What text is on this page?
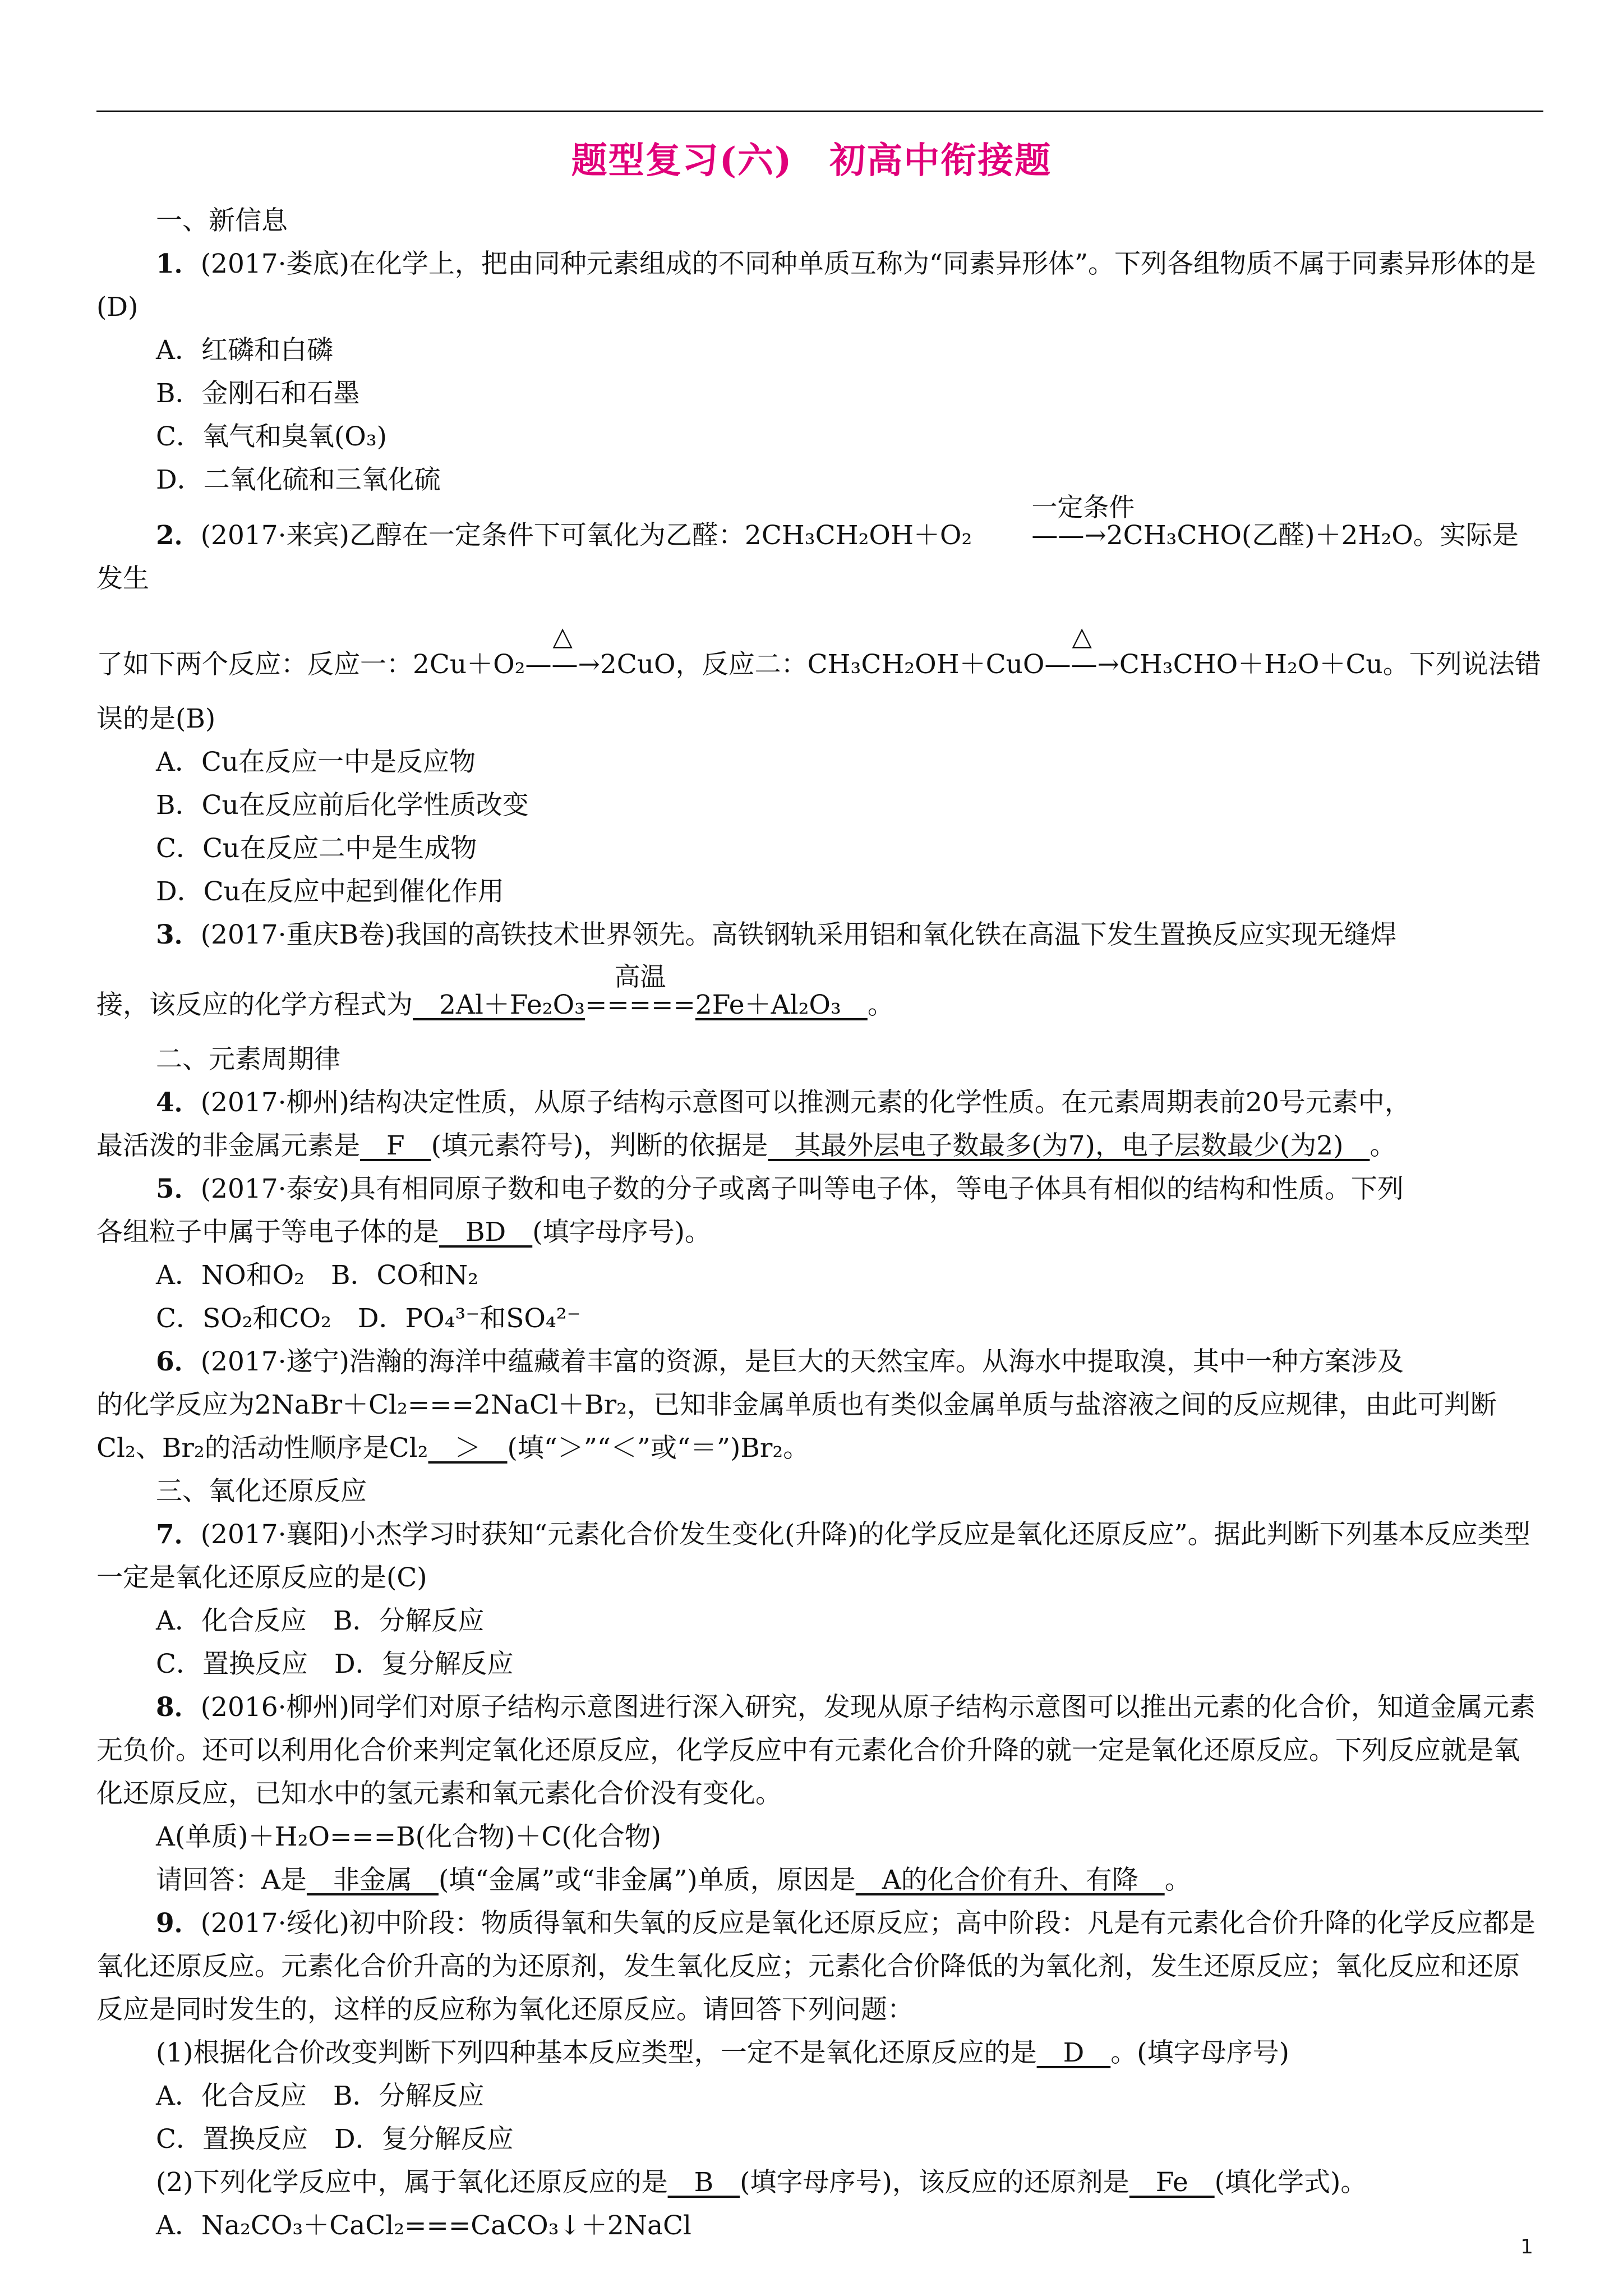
题型复习(六)　初高中衔接题

一、新信息

1．(2017·娄底)在化学上，把由同种元素组成的不同种单质互称为“同素异形体”。下列各组物质不属于同素异形体的是(D)

A．红磷和白磷

B．金刚石和石墨

C．氧气和臭氧(O₃)

D．二氧化硫和三氧化硫

2．(2017·来宾)乙醇在一定条件下可氧化为乙醛：2CH₃CH₂OH＋O₂
一定条件
——→2CH₃CHO(乙醛)＋2H₂O。实际是发生

了如下两个反应：反应一：2Cu＋O₂
△
——→2CuO，反应二：CH₃CH₂OH＋CuO
△
——→CH₃CHO＋H₂O＋Cu。下列说法错

误的是(B)

A．Cu在反应一中是反应物

B．Cu在反应前后化学性质改变

C．Cu在反应二中是生成物

D．Cu在反应中起到催化作用

3．(2017·重庆B卷)我国的高铁技术世界领先。高铁钢轨采用铝和氧化铁在高温下发生置换反应实现无缝焊

接，该反应的化学方程式为　2Al＋Fe₂O₃
高温
=====2Fe＋Al₂O₃　。

二、元素周期律

4．(2017·柳州)结构决定性质，从原子结构示意图可以推测元素的化学性质。在元素周期表前20号元素中，

最活泼的非金属元素是　F　(填元素符号)，判断的依据是　其最外层电子数最多(为7)，电子层数最少(为2)　。

5．(2017·泰安)具有相同原子数和电子数的分子或离子叫等电子体，等电子体具有相似的结构和性质。下列

各组粒子中属于等电子体的是　BD　(填字母序号)。

A．NO和O₂　B．CO和N₂

C．SO₂和CO₂　D．PO₄³⁻和SO₄²⁻

6．(2017·遂宁)浩瀚的海洋中蕴藏着丰富的资源，是巨大的天然宝库。从海水中提取溴，其中一种方案涉及

的化学反应为2NaBr＋Cl₂===2NaCl＋Br₂，已知非金属单质也有类似金属单质与盐溶液之间的反应规律，由此可判断

Cl₂、Br₂的活动性顺序是Cl₂　＞　(填“＞”“＜”或“＝”)Br₂。

三、氧化还原反应

7．(2017·襄阳)小杰学习时获知“元素化合价发生变化(升降)的化学反应是氧化还原反应”。据此判断下列基本反应类型一定是氧化还原反应的是(C)

A．化合反应　B．分解反应

C．置换反应　D．复分解反应

8．(2016·柳州)同学们对原子结构示意图进行深入研究，发现从原子结构示意图可以推出元素的化合价，知道金属元素无负价。还可以利用化合价来判定氧化还原反应，化学反应中有元素化合价升降的就一定是氧化还原反应。下列反应就是氧化还原反应，已知水中的氢元素和氧元素化合价没有变化。

A(单质)＋H₂O===B(化合物)＋C(化合物)

请回答：A是　非金属　(填“金属”或“非金属”)单质，原因是　A的化合价有升、有降　。

9．(2017·绥化)初中阶段：物质得氧和失氧的反应是氧化还原反应；高中阶段：凡是有元素化合价升降的化学反应都是氧化还原反应。元素化合价升高的为还原剂，发生氧化反应；元素化合价降低的为氧化剂，发生还原反应；氧化反应和还原反应是同时发生的，这样的反应称为氧化还原反应。请回答下列问题：

(1)根据化合价改变判断下列四种基本反应类型，一定不是氧化还原反应的是　D　。(填字母序号)

A．化合反应　B．分解反应

C．置换反应　D．复分解反应

(2)下列化学反应中，属于氧化还原反应的是　B　(填字母序号)，该反应的还原剂是　Fe　(填化学式)。

A．Na₂CO₃＋CaCl₂===CaCO₃↓＋2NaCl

1
